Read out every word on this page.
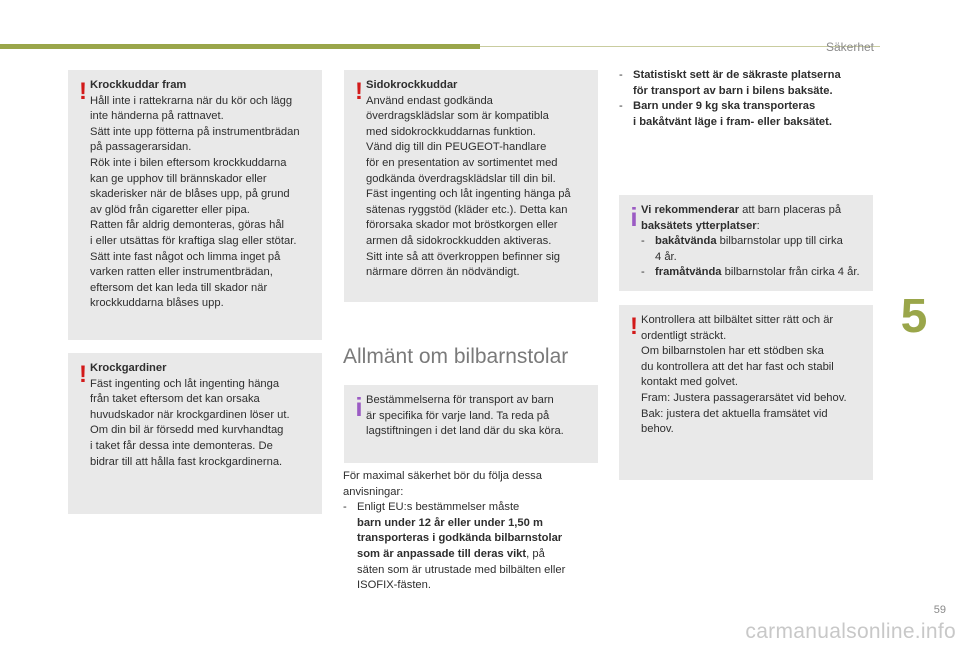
Säkerhet
! Krockkuddar fram

Håll inte i rattekrarna när du kör och lägg

inte händerna på rattnavet.

Sätt inte upp fötterna på instrumentbrädan

på passagerarsidan.

Rök inte i bilen eftersom krockkuddarna

kan ge upphov till brännskador eller

skaderisker när de blåses upp, på grund

av glöd från cigaretter eller pipa.

Ratten får aldrig demonteras, göras hål

i eller utsättas för kraftiga slag eller stötar.

Sätt inte fast något och limma inget på

varken ratten eller instrumentbrädan,

eftersom det kan leda till skador när

krockkuddarna blåses upp.

! Krockgardiner

Fäst ingenting och låt ingenting hänga

från taket eftersom det kan orsaka

huvudskador när krockgardinen löser ut.

Om din bil är försedd med kurvhandtag

i taket får dessa inte demonteras. De

bidrar till att hålla fast krockgardinerna.

! Sidokrockkuddar

Använd endast godkända

överdragsklädslar som är kompatibla

med sidokrockkuddarnas funktion.

Vänd dig till din PEUGEOT-handlare

för en presentation av sortimentet med

godkända överdragsklädslar till din bil.

Fäst ingenting och låt ingenting hänga på

sätenas ryggstöd (kläder etc.). Detta kan

förorsaka skador mot bröstkorgen eller

armen då sidokrockkudden aktiveras.

Sitt inte så att överkroppen befinner sig

närmare dörren än nödvändigt.

Allmänt om bilbarnstolar
i Bestämmelserna för transport av barn

är specifika för varje land. Ta reda på

lagstiftningen i det land där du ska köra.

För maximal säkerhet bör du följa dessa

anvisningar:

- Enligt EU:s bestämmelser måste

barn under 12 år eller under 1,50 m

transporteras i godkända bilbarnstolar

som är anpassade till deras vikt, på

säten som är utrustade med bilbälten eller

ISOFIX-fästen.

- Statistiskt sett är de säkraste platserna

för transport av barn i bilens baksäte.

- Barn under 9 kg ska transporteras

i bakåtvänt läge i fram- eller baksätet.

i Vi rekommenderar att barn placeras på

baksätets ytterplatser:

- bakåtvända bilbarnstolar upp till cirka

4 år.

- framåtvända bilbarnstolar från cirka 4 år.

! Kontrollera att bilbältet sitter rätt och är

ordentligt sträckt.

Om bilbarnstolen har ett stödben ska

du kontrollera att det har fast och stabil

kontakt med golvet.

Fram: Justera passagerarsätet vid behov.

Bak: justera det aktuella framsätet vid

behov.

5
59
carmanualsonline.info
